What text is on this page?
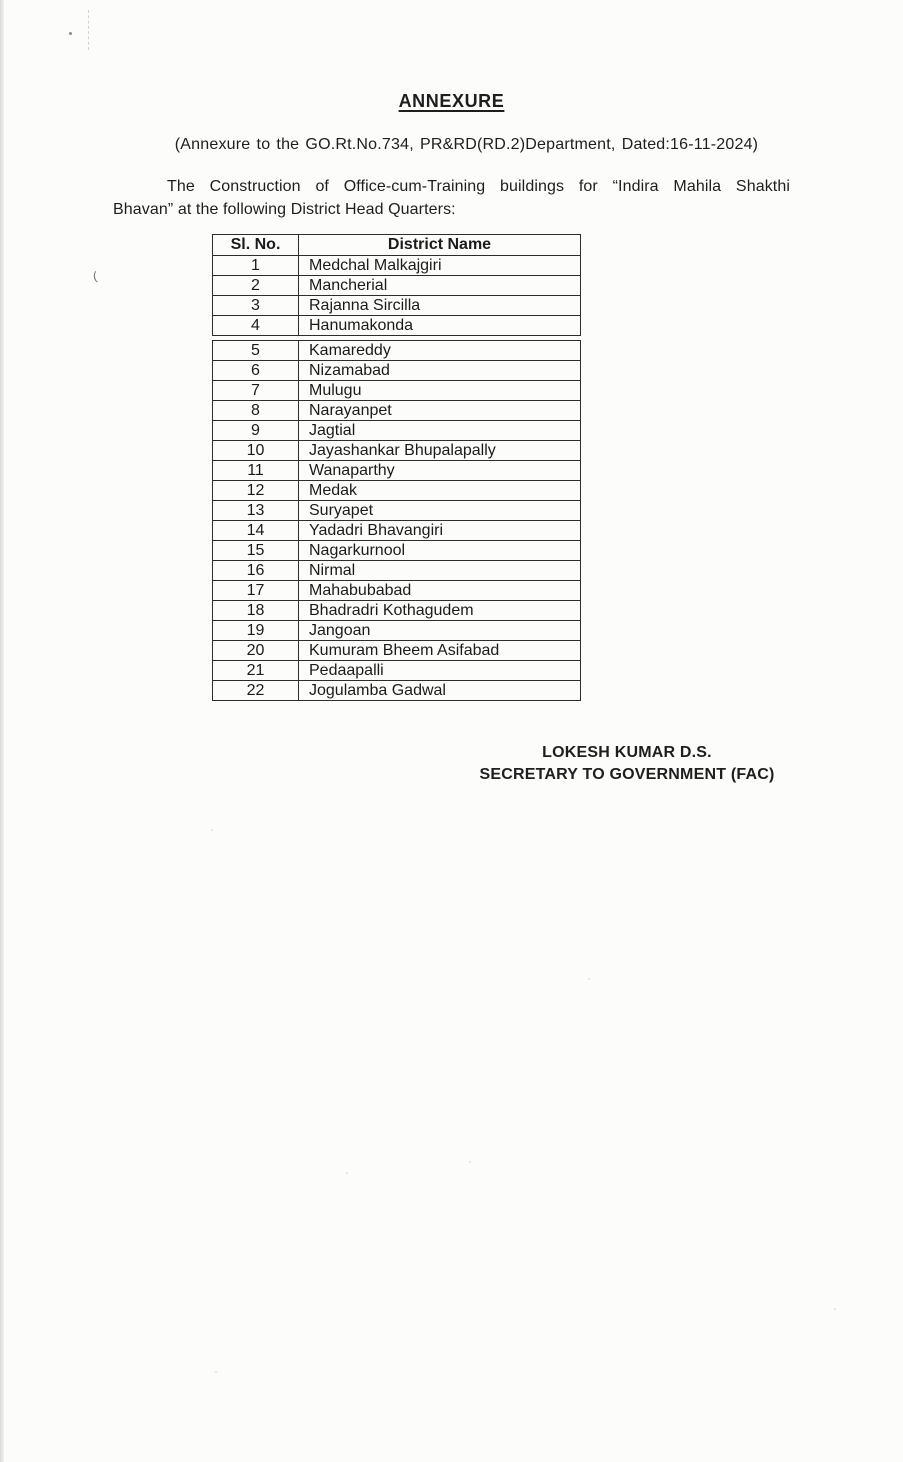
(
ANNEXURE
(Annexure to the GO.Rt.No.734, PR&RD(RD.2)Department, Dated:16-11-2024)
The Construction of Office-cum-Training buildings for “Indira Mahila Shakthi
Bhavan” at the following District Head Quarters:
Sl. No.	District Name
1	Medchal Malkajgiri
2	Mancherial
3	Rajanna Sircilla
4	Hanumakonda
5	Kamareddy
6	Nizamabad
7	Mulugu
8	Narayanpet
9	Jagtial
10	Jayashankar Bhupalapally
11	Wanaparthy
12	Medak
13	Suryapet
14	Yadadri Bhavangiri
15	Nagarkurnool
16	Nirmal
17	Mahabubabad
18	Bhadradri Kothagudem
19	Jangoan
20	Kumuram Bheem Asifabad
21	Pedaapalli
22	Jogulamba Gadwal
LOKESH KUMAR D.S.
SECRETARY TO GOVERNMENT (FAC)
